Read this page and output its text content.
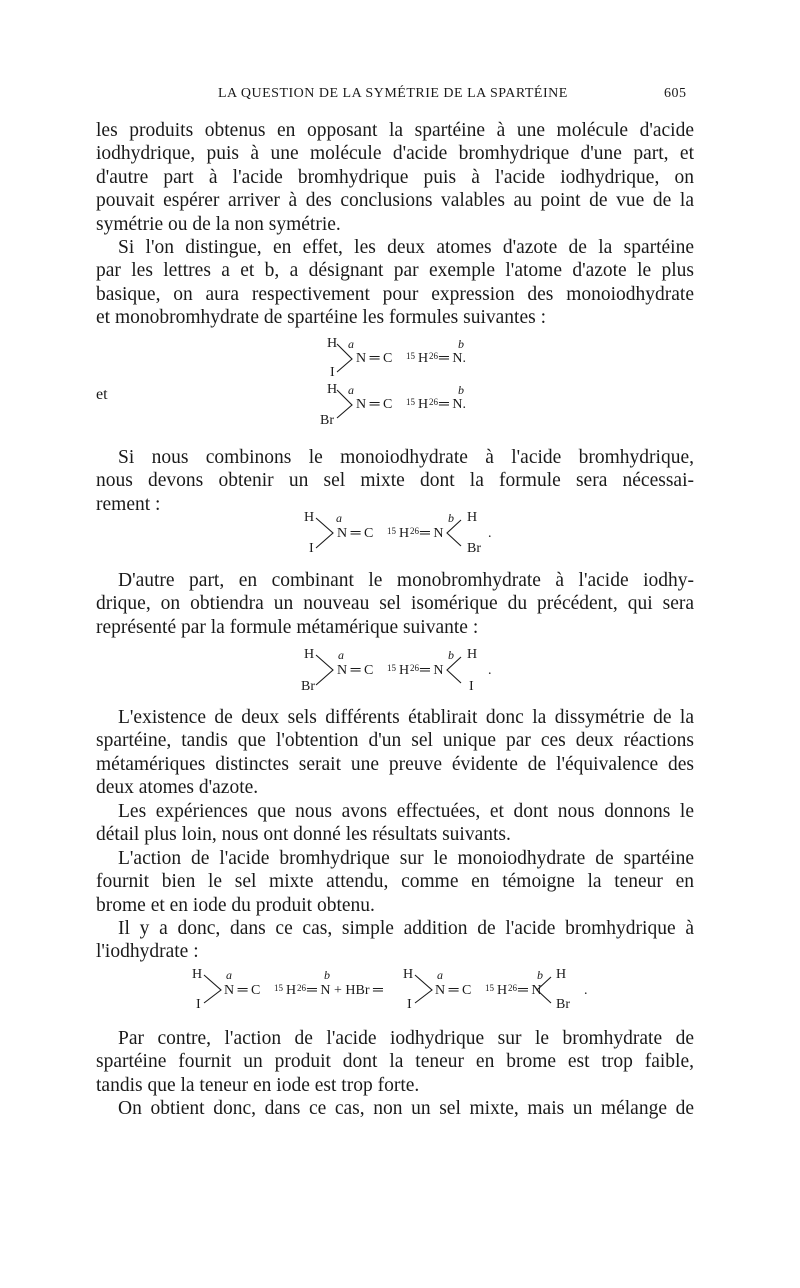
LA QUESTION DE LA SYMÉTRIE DE LA SPARTÉINE	605
les produits obtenus en opposant la spartéine à une molécule d'acide
iodhydrique, puis à une molécule d'acide bromhydrique d'une part, et
d'autre part à l'acide bromhydrique puis à l'acide iodhydrique, on
pouvait espérer arriver à des conclusions valables au point de vue de la
symétrie ou de la non symétrie.
Si l'on distingue, en effet, les deux atomes d'azote de la spartéine
par les lettres a et b, a désignant par exemple l'atome d'azote le plus
basique, on aura respectivement pour expression des monoiodhydrate
et monobromhydrate de spartéine les formules suivantes :
H a	b
N ═ C 15 H 26 ═ N.
I
et	H a	b
N ═ C 15 H 26 ═ N.
Br
Si nous combinons le monoiodhydrate à l'acide bromhydrique,
nous devons obtenir un sel mixte dont la formule sera nécessai-
rement :
H a	b H
N ═ C 15 H 26 ═ N	.
I	Br
D'autre part, en combinant le monobromhydrate à l'acide iodhy-
drique, on obtiendra un nouveau sel isomérique du précédent, qui sera
représenté par la formule métamérique suivante :
H a	b H
N ═ C 15 H 26 ═ N	.
Br	I
L'existence de deux sels différents établirait donc la dissymétrie de la
spartéine, tandis que l'obtention d'un sel unique par ces deux réactions
métamériques distinctes serait une preuve évidente de l'équivalence des
deux atomes d'azote.
Les expériences que nous avons effectuées, et dont nous donnons le
détail plus loin, nous ont donné les résultats suivants.
L'action de l'acide bromhydrique sur le monoiodhydrate de spartéine
fournit bien le sel mixte attendu, comme en témoigne la teneur en
brome et en iode du produit obtenu.
Il y a donc, dans ce cas, simple addition de l'acide bromhydrique à
l'iodhydrate :
H a	b
N ═ C 15 H 26 ═ N + HBr ═
I
H a	b H
N ═ C 15 H 26 ═ N	.
I	Br
Par contre, l'action de l'acide iodhydrique sur le bromhydrate de
spartéine fournit un produit dont la teneur en brome est trop faible,
tandis que la teneur en iode est trop forte.
On obtient donc, dans ce cas, non un sel mixte, mais un mélange de
